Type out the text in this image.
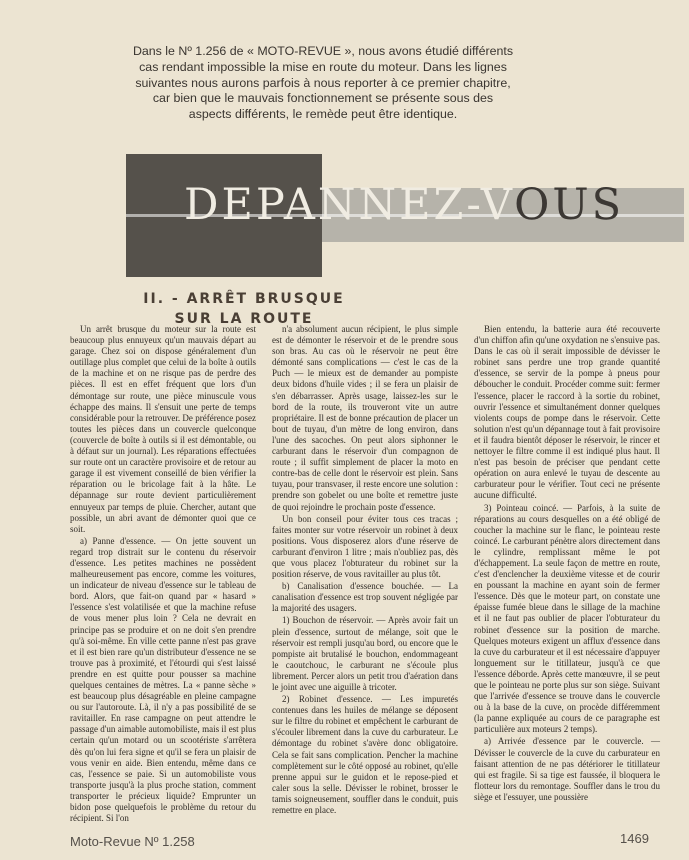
Dans le Nº 1.256 de « MOTO-REVUE », nous avons étudié différents cas rendant impossible la mise en route du moteur. Dans les lignes suivantes nous aurons parfois à nous reporter à ce premier chapitre, car bien que le mauvais fonctionnement se présente sous des aspects différents, le remède peut être identique.
DEPANNEZ-VOUS
II. - ARRÊT BRUSQUE
SUR LA ROUTE

Un arrêt brusque du moteur sur la route est beaucoup plus ennuyeux qu'un mauvais départ au garage. Chez soi on dispose généralement d'un outillage plus complet que celui de la boîte à outils de la machine et on ne risque pas de perdre des pièces. Il est en effet fréquent que lors d'un démontage sur route, une pièce minuscule vous échappe des mains. Il s'ensuit une perte de temps considérable pour la retrouver. De préférence posez toutes les pièces dans un couvercle quelconque (couvercle de boîte à outils si il est démontable, ou à défaut sur un journal). Les réparations effectuées sur route ont un caractère provisoire et de retour au garage il est vivement conseillé de bien vérifier la réparation ou le bricolage fait à la hâte. Le dépannage sur route devient particulièrement ennuyeux par temps de pluie. Chercher, autant que possible, un abri avant de démonter quoi que ce soit.

a) Panne d'essence. — On jette souvent un regard trop distrait sur le contenu du réservoir d'essence. Les petites machines ne possèdent malheureusement pas encore, comme les voitures, un indicateur de niveau d'essence sur le tableau de bord. Alors, que fait-on quand par « hasard » l'essence s'est volatilisée et que la machine refuse de vous mener plus loin ? Cela ne devrait en principe pas se produire et on ne doit s'en prendre qu'à soi-même. En ville cette panne n'est pas grave et il est bien rare qu'un distributeur d'essence ne se trouve pas à proximité, et l'étourdi qui s'est laissé prendre en est quitte pour pousser sa machine quelques centaines de mètres. La « panne sèche » est beaucoup plus désagréable en pleine campagne ou sur l'autoroute. Là, il n'y a pas possibilité de se ravitailler. En rase campagne on peut attendre le passage d'un aimable automobiliste, mais il est plus certain qu'un motard ou un scootériste s'arrêtera dès qu'on lui fera signe et qu'il se fera un plaisir de vous venir en aide. Bien entendu, même dans ce cas, l'essence se paie. Si un automobiliste vous transporte jusqu'à la plus proche station, comment transporter le précieux liquide? Emprunter un bidon pose quelquefois le problème du retour du récipient. Si l'on

n'a absolument aucun récipient, le plus simple est de démonter le réservoir et de le prendre sous son bras. Au cas où le réservoir ne peut être démonté sans complications — c'est le cas de la Puch — le mieux est de demander au pompiste deux bidons d'huile vides ; il se fera un plaisir de s'en débarrasser. Après usage, laissez-les sur le bord de la route, ils trouveront vite un autre propriétaire. Il est de bonne précaution de placer un bout de tuyau, d'un mètre de long environ, dans l'une des sacoches. On peut alors siphonner le carburant dans le réservoir d'un compagnon de route ; il suffit simplement de placer la moto en contre-bas de celle dont le réservoir est plein. Sans tuyau, pour transvaser, il reste encore une solution : prendre son gobelet ou une boîte et remettre juste de quoi rejoindre le prochain poste d'essence.

Un bon conseil pour éviter tous ces tracas ; faites monter sur votre réservoir un robinet à deux positions. Vous disposerez alors d'une réserve de carburant d'environ 1 litre ; mais n'oubliez pas, dès que vous placez l'obturateur du robinet sur la position réserve, de vous ravitailler au plus tôt.

b) Canalisation d'essence bouchée. — La canalisation d'essence est trop souvent négligée par la majorité des usagers.

1) Bouchon de réservoir. — Après avoir fait un plein d'essence, surtout de mélange, soit que le réservoir est rempli jusqu'au bord, ou encore que le pompiste ait brutalisé le bouchon, endommageant le caoutchouc, le carburant ne s'écoule plus librement. Percer alors un petit trou d'aération dans le joint avec une aiguille à tricoter.

2) Robinet d'essence. — Les impuretés contenues dans les huiles de mélange se déposent sur le filtre du robinet et empêchent le carburant de s'écouler librement dans la cuve du carburateur. Le démontage du robinet s'avère donc obligatoire. Cela se fait sans complication. Pencher la machine complètement sur le côté opposé au robinet, qu'elle prenne appui sur le guidon et le repose-pied et caler sous la selle. Dévisser le robinet, brosser le tamis soigneusement, souffler dans le conduit, puis remettre en place.

Bien entendu, la batterie aura été recouverte d'un chiffon afin qu'une oxydation ne s'ensuive pas. Dans le cas où il serait impossible de dévisser le robinet sans perdre une trop grande quantité d'essence, se servir de la pompe à pneus pour déboucher le conduit. Procéder comme suit: fermer l'essence, placer le raccord à la sortie du robinet, ouvrir l'essence et simultanément donner quelques violents coups de pompe dans le réservoir. Cette solution n'est qu'un dépannage tout à fait provisoire et il faudra bientôt déposer le réservoir, le rincer et nettoyer le filtre comme il est indiqué plus haut. Il n'est pas besoin de préciser que pendant cette opération on aura enlevé le tuyau de descente au carburateur pour le vérifier. Tout ceci ne présente aucune difficulté.

3) Pointeau coincé. — Parfois, à la suite de réparations au cours desquelles on a été obligé de coucher la machine sur le flanc, le pointeau reste coincé. Le carburant pénètre alors directement dans le cylindre, remplissant même le pot d'échappement. La seule façon de mettre en route, c'est d'enclencher la deuxième vitesse et de courir en poussant la machine en ayant soin de fermer l'essence. Dès que le moteur part, on constate une épaisse fumée bleue dans le sillage de la machine et il ne faut pas oublier de placer l'obturateur du robinet d'essence sur la position de marche. Quelques moteurs exigent un afflux d'essence dans la cuve du carburateur et il est nécessaire d'appuyer longuement sur le titillateur, jusqu'à ce que l'essence déborde. Après cette manœuvre, il se peut que le pointeau ne porte plus sur son siège. Suivant que l'arrivée d'essence se trouve dans le couvercle ou à la base de la cuve, on procède différemment (la panne expliquée au cours de ce paragraphe est particulière aux moteurs 2 temps).

a) Arrivée d'essence par le couvercle. — Dévisser le couvercle de la cuve du carburateur en faisant attention de ne pas détériorer le titillateur qui est fragile. Si sa tige est faussée, il bloquera le flotteur lors du remontage. Souffler dans le trou du siège et l'essuyer, une poussière

Moto-Revue Nº 1.258	1469
